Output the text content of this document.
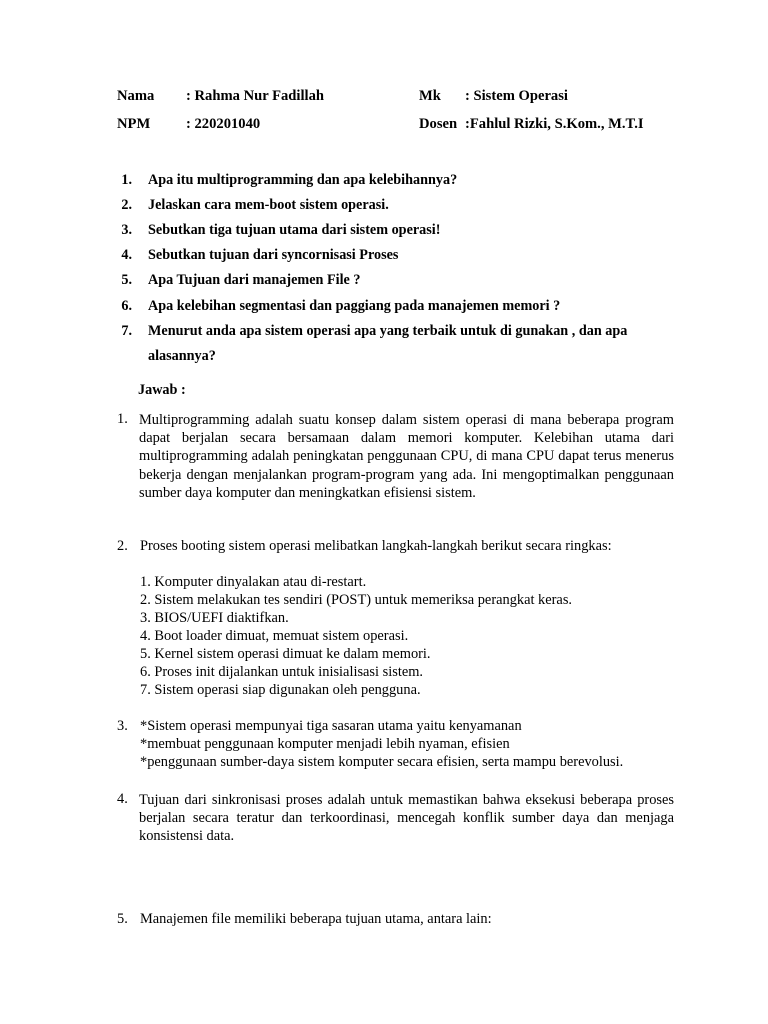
Nama : Rahma Nur Fadillah	Mk : Sistem Operasi
NPM : 220201040	Dosen :Fahlul Rizki, S.Kom., M.T.I
1. Apa itu multiprogramming dan apa kelebihannya?
2. Jelaskan cara mem-boot sistem operasi.
3. Sebutkan tiga tujuan utama dari sistem operasi!
4. Sebutkan tujuan dari syncornisasi Proses
5. Apa Tujuan dari manajemen File ?
6. Apa kelebihan segmentasi dan paggiang pada manajemen memori ?
7. Menurut anda apa sistem operasi apa yang terbaik untuk di gunakan , dan apa
alasannya?
Jawab :
1. Multiprogramming adalah suatu konsep dalam sistem operasi di mana beberapa program dapat berjalan secara bersamaan dalam memori komputer. Kelebihan utama dari multiprogramming adalah peningkatan penggunaan CPU, di mana CPU dapat terus menerus bekerja dengan menjalankan program-program yang ada. Ini mengoptimalkan penggunaan sumber daya komputer dan meningkatkan efisiensi sistem.
2. Proses booting sistem operasi melibatkan langkah-langkah berikut secara ringkas:
1. Komputer dinyalakan atau di-restart.
2. Sistem melakukan tes sendiri (POST) untuk memeriksa perangkat keras.
3. BIOS/UEFI diaktifkan.
4. Boot loader dimuat, memuat sistem operasi.
5. Kernel sistem operasi dimuat ke dalam memori.
6. Proses init dijalankan untuk inisialisasi sistem.
7. Sistem operasi siap digunakan oleh pengguna.
3. *Sistem operasi mempunyai tiga sasaran utama yaitu kenyamanan
*membuat penggunaan komputer menjadi lebih nyaman, efisien
*penggunaan sumber-daya sistem komputer secara efisien, serta mampu berevolusi.
4. Tujuan dari sinkronisasi proses adalah untuk memastikan bahwa eksekusi beberapa proses berjalan secara teratur dan terkoordinasi, mencegah konflik sumber daya dan menjaga konsistensi data.
5. Manajemen file memiliki beberapa tujuan utama, antara lain:
